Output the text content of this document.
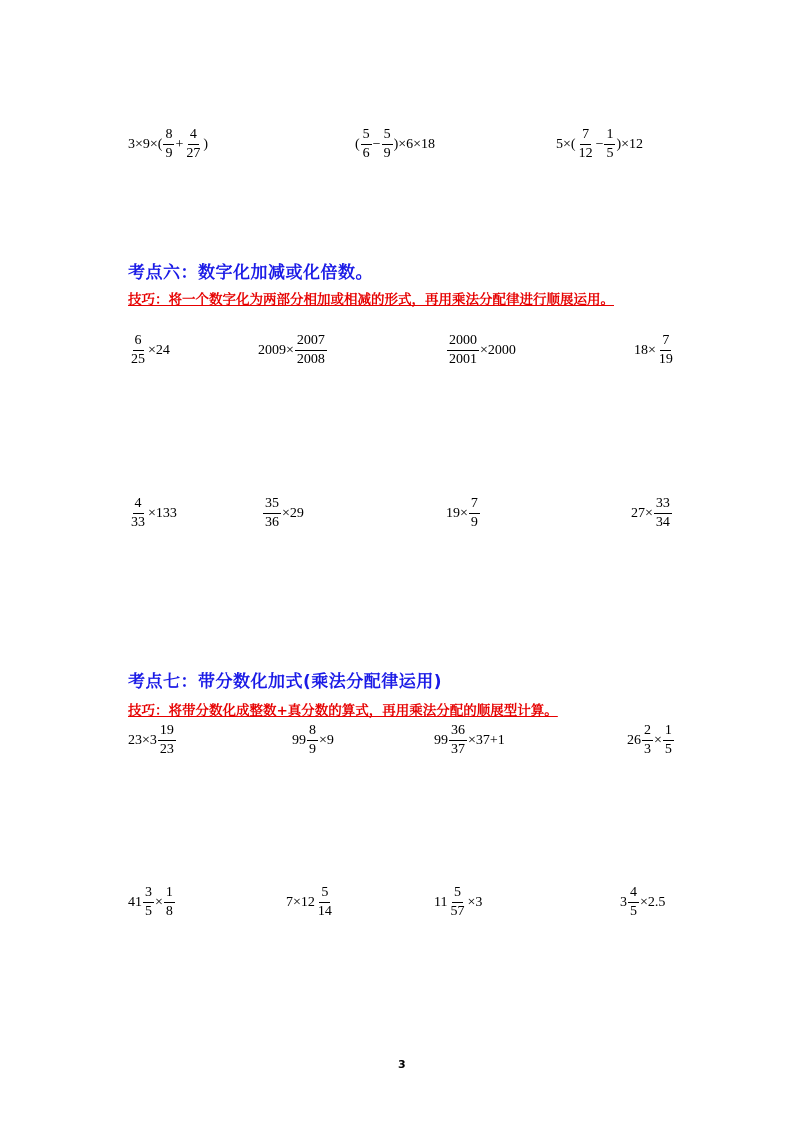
$3\times 9\times( \frac{8}{9} + \frac{4}{27}$ )	( $\frac{5}{6} - \frac{5}{9} )\times 6\times 18$	$5\times( \frac{7}{12} - \frac{1}{5} )\times 12$
考点六：数字化加减或化倍数。
技巧：将一个数字化为两部分相加或相减的形式，再用乘法分配律进行顺展运用。
$\frac{6}{25} \times 24$	$2009\times \frac{2007}{2008}$	$\frac{2000}{2001} \times 2000$	$18\times \frac{7}{19}$
$\frac{4}{33} \times 133$	$\frac{35}{36} \times 29$	$19\times \frac{7}{9}$	$27\times \frac{33}{34}$
考点七：带分数化加式(乘法分配律运用)
技巧：将带分数化成整数+真分数的算式，再用乘法分配的顺展型计算。
$23\times 3 \frac{19}{23}$	$99 \frac{8}{9} \times 9$	$99 \frac{36}{37} \times 37+1$	$26 \frac{2}{3} \times \frac{1}{5}$
$41 \frac{3}{5} \times \frac{1}{8}$	$7\times 12 \frac{5}{14}$	$11 \frac{5}{57} \times 3$	$3 \frac{4}{5} \times 2.5$
3
